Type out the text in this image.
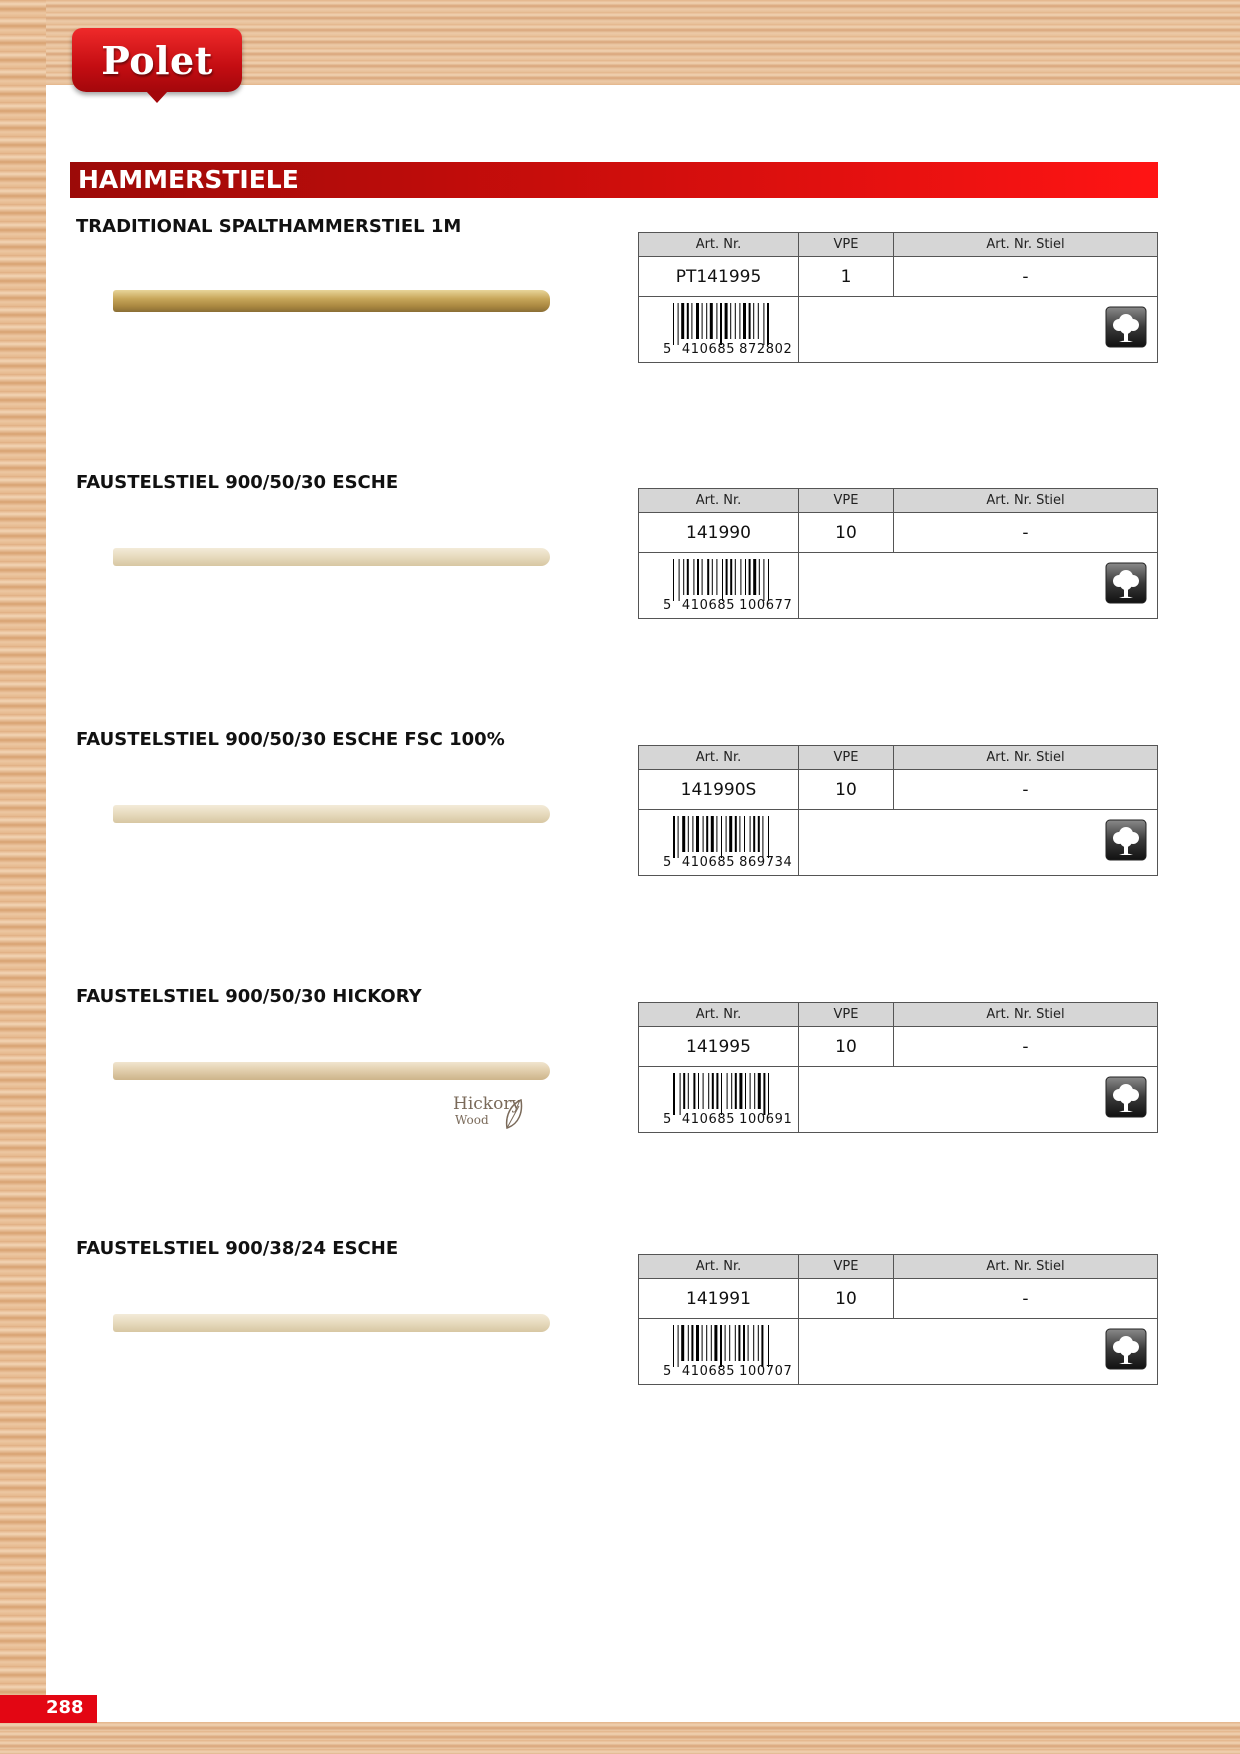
Polet
HAMMERSTIELE
TRADITIONAL SPALTHAMMERSTIEL 1M
Art. Nr.	VPE	Art. Nr. Stiel
PT141995	1	-
5 410685 872802
FAUSTELSTIEL 900/50/30 ESCHE
Art. Nr.	VPE	Art. Nr. Stiel
141990	10	-
5 410685 100677
FAUSTELSTIEL 900/50/30 ESCHE FSC 100%
Art. Nr.	VPE	Art. Nr. Stiel
141990S	10	-
5 410685 869734
FAUSTELSTIEL 900/50/30 HICKORY
Hickory
Wood
Art. Nr.	VPE	Art. Nr. Stiel
141995	10	-
5 410685 100691
FAUSTELSTIEL 900/38/24 ESCHE
Art. Nr.	VPE	Art. Nr. Stiel
141991	10	-
5 410685 100707
288
